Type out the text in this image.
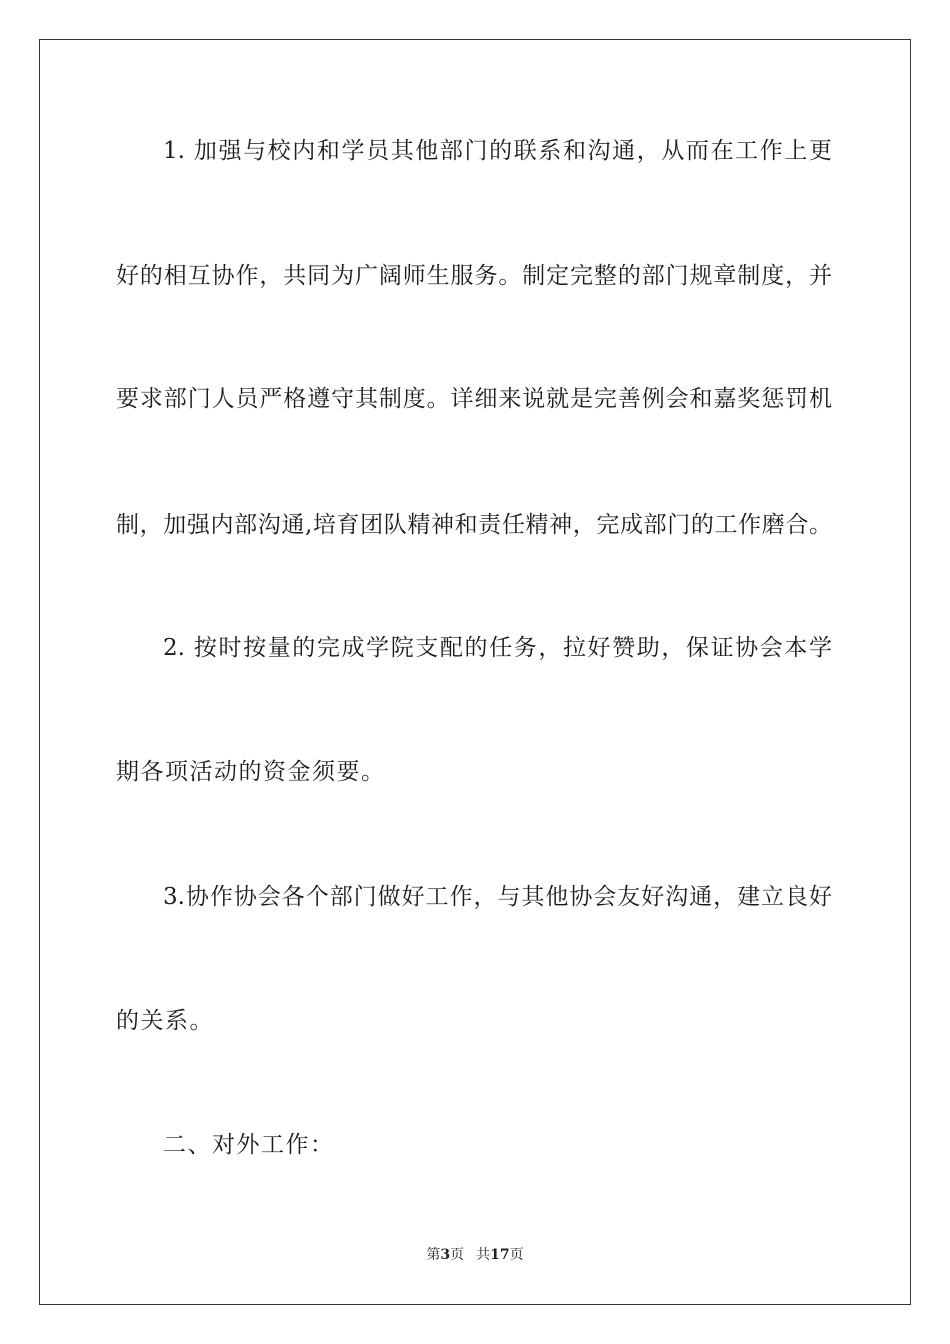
1. 加强与校内和学员其他部门的联系和沟通，从而在工作上更
好的相互协作，共同为广阔师生服务。制定完整的部门规章制度，并
要求部门人员严格遵守其制度。详细来说就是完善例会和嘉奖惩罚机
制，加强内部沟通,培育团队精神和责任精神，完成部门的工作磨合。
2. 按时按量的完成学院支配的任务，拉好赞助，保证协会本学
期各项活动的资金须要。
3.协作协会各个部门做好工作，与其他协会友好沟通，建立良好
的关系。
二、对外工作：
第3页 共17页
